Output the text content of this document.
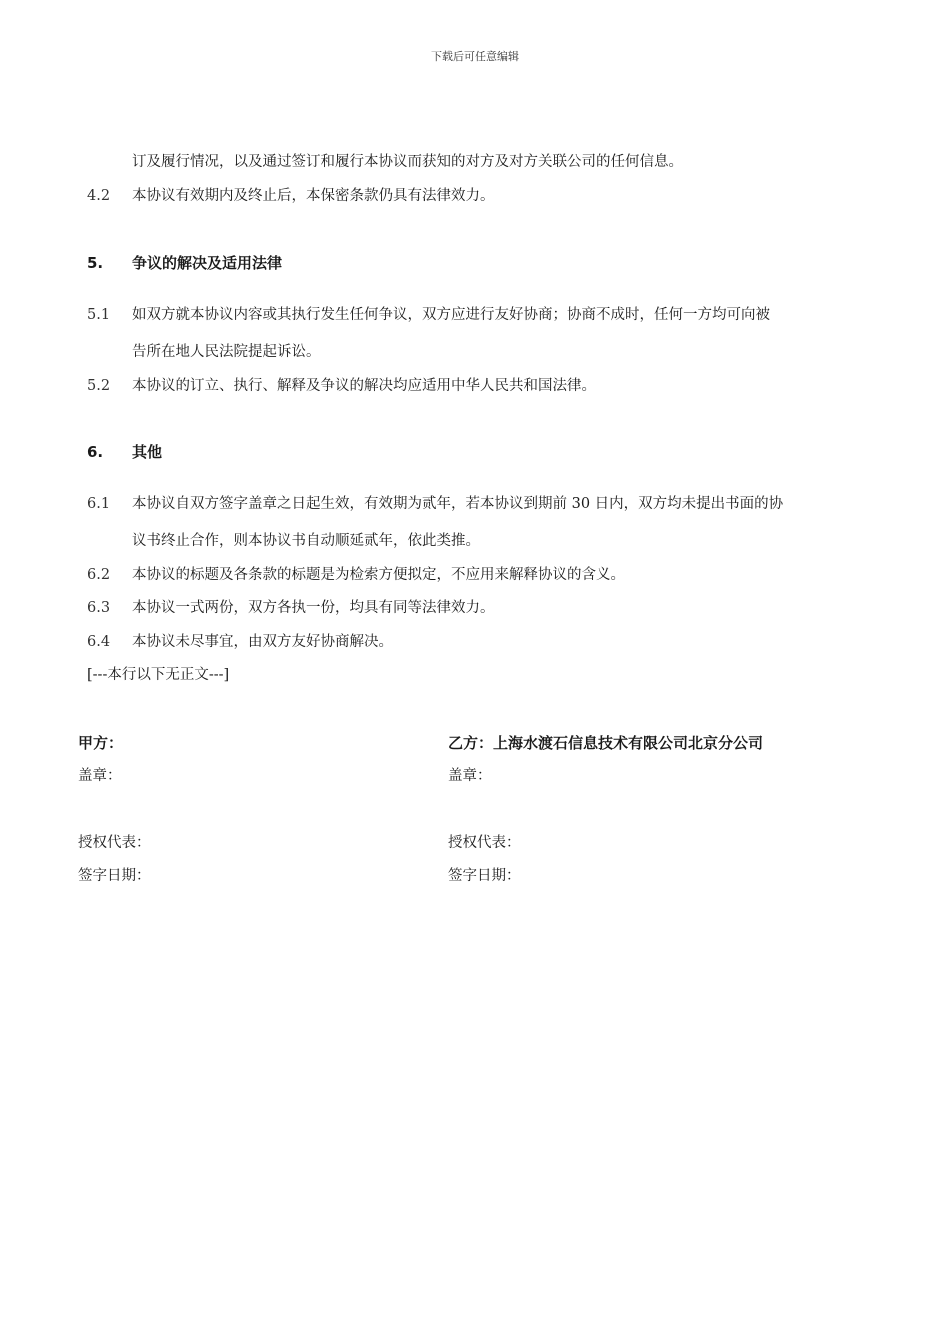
下载后可任意编辑
订及履行情况，以及通过签订和履行本协议而获知的对方及对方关联公司的任何信息。
4.2 本协议有效期内及终止后，本保密条款仍具有法律效力。
5. 争议的解决及适用法律
5.1 如双方就本协议内容或其执行发生任何争议，双方应进行友好协商；协商不成时，任何一方均可向被
告所在地人民法院提起诉讼。
5.2 本协议的订立、执行、解释及争议的解决均应适用中华人民共和国法律。
6. 其他
6.1 本协议自双方签字盖章之日起生效，有效期为贰年，若本协议到期前 30 日内，双方均未提出书面的协
议书终止合作，则本协议书自动顺延贰年，依此类推。
6.2 本协议的标题及各条款的标题是为检索方便拟定，不应用来解释协议的含义。
6.3 本协议一式两份，双方各执一份，均具有同等法律效力。
6.4 本协议未尽事宜，由双方友好协商解决。
[---本行以下无正文---]
甲方：	乙方：上海水渡石信息技术有限公司北京分公司
盖章：	盖章：
授权代表：	授权代表：
签字日期：	签字日期：
